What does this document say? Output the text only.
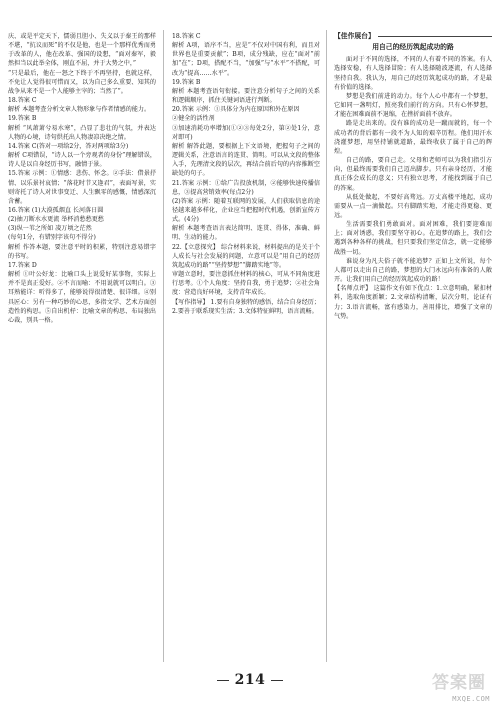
庆、或是平定天下，懦弱且胆小、失义以于秦王的那样不堪，“抗议而死”的不仅是他，也是一个那样优秀而勇于改革的人，他在改革、强国的设想，“面对秦军，毅然担当以此举全体，刚直不屈，并于大势之中，”

“只是最后，他在一怒之下终于不再坚持，也就这样，不免让人觉得很可惜而又，以为自己多么重要、知其的战争从来不是一个人能够主宰的；当然了”。

18.答案 C

解析 本题考查分析文章人物形象与作者情感的能力。

19.答案 B

解析 “风萧萧兮易水寒”，凸显了悲壮的气氛，并表达人物的心境，诗句烘托出人物凄凉决绝之情。

14.答案 C(答对一项给2分，答对两项给3分)

解析 C项错误，“诗人以一个旁观者的身份”理解错误，诗人是以自身经历书写，融情于景。

15.答案 示例：①情感：悲伤、怀念。②手法：借景抒情、以乐景衬哀情；“落花时节又逢君”，表面写景，实则寄托了诗人对世事变迁、人生飘零的感慨，情感深沉含蓄。

16.答案 (1)大漠孤烟直 长河落日圆

(2)抽刀断水水更流 举杯消愁愁更愁

(3)纵一苇之所如 凌万顷之茫然

(每句1分，有错别字该句不得分)

解析 作答本题，要注意平时的积累，特别注意易错字的书写。

17.答案 D

解析 ①叶公好龙：比喻口头上说爱好某事物，实际上并不是真正爱好。②不言而喻：不用说就可以明白。③耳熟能详：听得多了，能够说得很清楚、很详细。④别具匠心：另有一种巧妙的心思，多指文学、艺术方面创造性的构思。⑤自出机杼：比喻文章的构思、布局独出心裁，别具一格。

18.答案 C

解析 A项，语序不当，应是“不仅对中国有利，而且对世界也是重要贡献”；B项，成分残缺，应在“面对”前加“在”；D项，搭配不当，“加强”与“水平”不搭配，可改为“提高……水平”。

19.答案 B

解析 本题考查语句衔接。要注意分析句子之间的关系和逻辑顺序，抓住关键词语进行判断。

20.答案 示例：①具体分为内在原因和外在原因

②健全的活性剂

③加速消耗功率增加(①②③每处2分，第②处1分，意对即可)

解析 解答此题，要根据上下文语境，把握句子之间的逻辑关系，注意语言的连贯、简明。可以从文段的整体入手，先理清文段的层次，再结合前后句的内容推断空缺处的句子。

21.答案 示例：①给广告投放机制，②能够快速传播信息，③提高营销效率(每点2分)

(2)答案 示例：随着互联网的发展，人们获取信息的途径越来越多样化，企业应当把握时代机遇，创新宣传方式。(4分)

解析 本题考查语言表达简明、连贯、得体，准确、鲜明、生动的能力。

22.【立意探究】 综合材料来说，材料提出的是关于个人成长与社会发展的问题，立意可以是“用自己的经历筑起成功的路”“坚持梦想”“脚踏实地”等。

审题立意时，要注意抓住材料的核心，可从不同角度进行思考。①个人角度：坚持自我，勇于追梦；②社会角度：营造良好环境，支持青年成长。

【写作指导】 1.要有自身独特的感悟，结合自身经历；2.要善于联系现实生活；3.文体特征鲜明，语言流畅。

【佳作展台】
用自己的经历筑起成功的路

面对于不同的选择，不同的人有着不同的答案。有人选择安稳，有人选择冒险；有人选择随波逐流，有人选择坚持自我。我认为，用自己的经历筑起成功的路，才是最有价值的选择。

梦想是我们前进的动力。每个人心中都有一个梦想，它如同一盏明灯，照亮我们前行的方向。只有心怀梦想，才能在困难面前不退缩，在挫折面前不放弃。

路是走出来的。没有谁的成功是一蹴而就的，每一个成功者的背后都有一段不为人知的艰辛历程。他们用汗水浇灌梦想，用坚持铺就道路，最终收获了属于自己的辉煌。

自己的路，要自己走。父母和老师可以为我们指引方向，但最终需要我们自己迈出脚步。只有亲身经历，才能真正体会成长的意义；只有独立思考，才能找到属于自己的答案。

从低处做起，不要好高骛远。万丈高楼平地起，成功需要从一点一滴做起。只有脚踏实地，才能走得更稳、更远。

生活需要我们勇敢面对。面对困难，我们要迎难而上；面对诱惑，我们要坚守初心。在追梦的路上，我们会遇到各种各样的挑战，但只要我们坚定信念，就一定能够战胜一切。

谁说身为凡夫俗子就不能追梦？正如上文所说，每个人都可以走出自己的路，梦想的大门永远向有准备的人敞开。让我们用自己的经历筑起成功的路！

【名师点评】 这篇作文有如下优点：1.立意明确，紧扣材料，选取角度新颖；2.文章结构清晰，层次分明，论证有力；3.语言流畅，富有感染力，善用排比，增强了文章的气势。

214	答案圈
MXQE.COM
